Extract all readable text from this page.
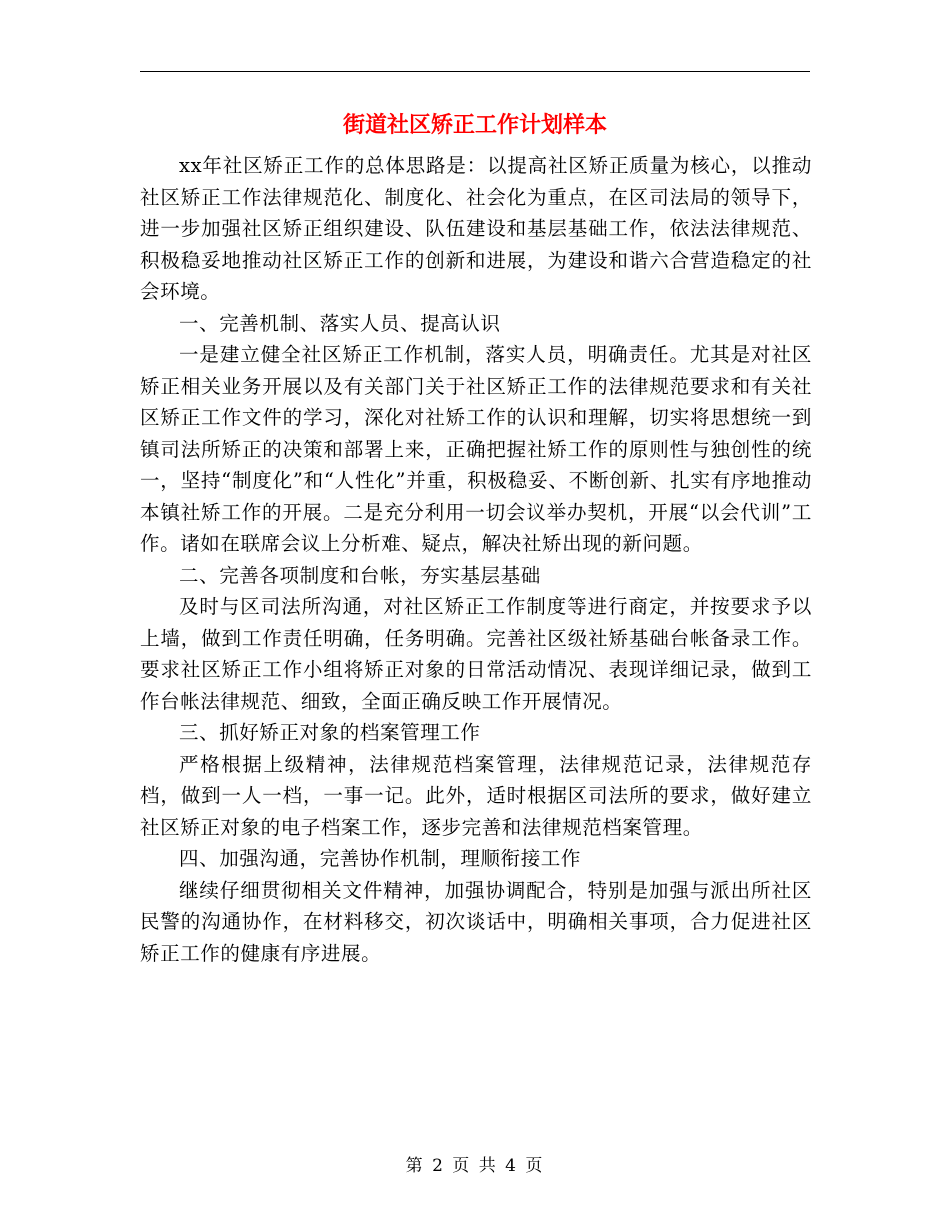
街道社区矫正工作计划样本

xx年社区矫正工作的总体思路是：以提高社区矫正质量为核心，以推动社区矫正工作法律规范化、制度化、社会化为重点，在区司法局的领导下，进一步加强社区矫正组织建设、队伍建设和基层基础工作，依法法律规范、积极稳妥地推动社区矫正工作的创新和进展，为建设和谐六合营造稳定的社会环境。

一、完善机制、落实人员、提高认识

一是建立健全社区矫正工作机制，落实人员，明确责任。尤其是对社区矫正相关业务开展以及有关部门关于社区矫正工作的法律规范要求和有关社区矫正工作文件的学习，深化对社矫工作的认识和理解，切实将思想统一到镇司法所矫正的决策和部署上来，正确把握社矫工作的原则性与独创性的统一，坚持“制度化”和“人性化”并重，积极稳妥、不断创新、扎实有序地推动本镇社矫工作的开展。二是充分利用一切会议举办契机，开展“以会代训”工作。诸如在联席会议上分析难、疑点，解决社矫出现的新问题。

二、完善各项制度和台帐，夯实基层基础

及时与区司法所沟通，对社区矫正工作制度等进行商定，并按要求予以上墙，做到工作责任明确，任务明确。完善社区级社矫基础台帐备录工作。要求社区矫正工作小组将矫正对象的日常活动情况、表现详细记录，做到工作台帐法律规范、细致，全面正确反映工作开展情况。

三、抓好矫正对象的档案管理工作

严格根据上级精神，法律规范档案管理，法律规范记录，法律规范存档，做到一人一档，一事一记。此外，适时根据区司法所的要求，做好建立社区矫正对象的电子档案工作，逐步完善和法律规范档案管理。

四、加强沟通，完善协作机制，理顺衔接工作

继续仔细贯彻相关文件精神，加强协调配合，特别是加强与派出所社区民警的沟通协作，在材料移交，初次谈话中，明确相关事项，合力促进社区矫正工作的健康有序进展。

第 2 页 共 4 页
